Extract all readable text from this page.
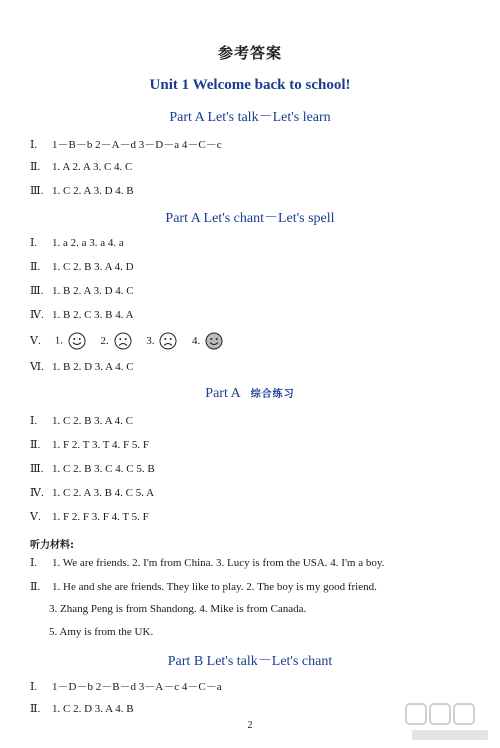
参考答案
Unit 1 Welcome back to school!
Part A Let's talk－Let's learn
Ⅰ. 1－B－b 2－A－d 3－D－a 4－C－c
Ⅱ. 1. A 2. A 3. C 4. C
Ⅲ. 1. C 2. A 3. D 4. B
Part A Let's chant－Let's spell
Ⅰ. 1. a 2. a 3. a 4. a
Ⅱ. 1. C 2. B 3. A 4. D
Ⅲ. 1. B 2. A 3. D 4. C
Ⅳ. 1. B 2. C 3. B 4. A
Ⅴ. 1.	2.	3.	4.
Ⅵ. 1. B 2. D 3. A 4. C
Part A 综合练习
Ⅰ. 1. C 2. B 3. A 4. C
Ⅱ. 1. F 2. T 3. T 4. F 5. F
Ⅲ. 1. C 2. B 3. C 4. C 5. B
Ⅳ. 1. C 2. A 3. B 4. C 5. A
Ⅴ. 1. F 2. F 3. F 4. T 5. F
听力材料:
Ⅰ. 1. We are friends. 2. I'm from China. 3. Lucy is from the USA. 4. I'm a boy.
Ⅱ. 1. He and she are friends. They like to play. 2. The boy is my good friend.
3. Zhang Peng is from Shandong. 4. Mike is from Canada.
5. Amy is from the UK.
Part B Let's talk－Let's chant
Ⅰ. 1－D－b 2－B－d 3－A－c 4－C－a
Ⅱ. 1. C 2. D 3. A 4. B
2
